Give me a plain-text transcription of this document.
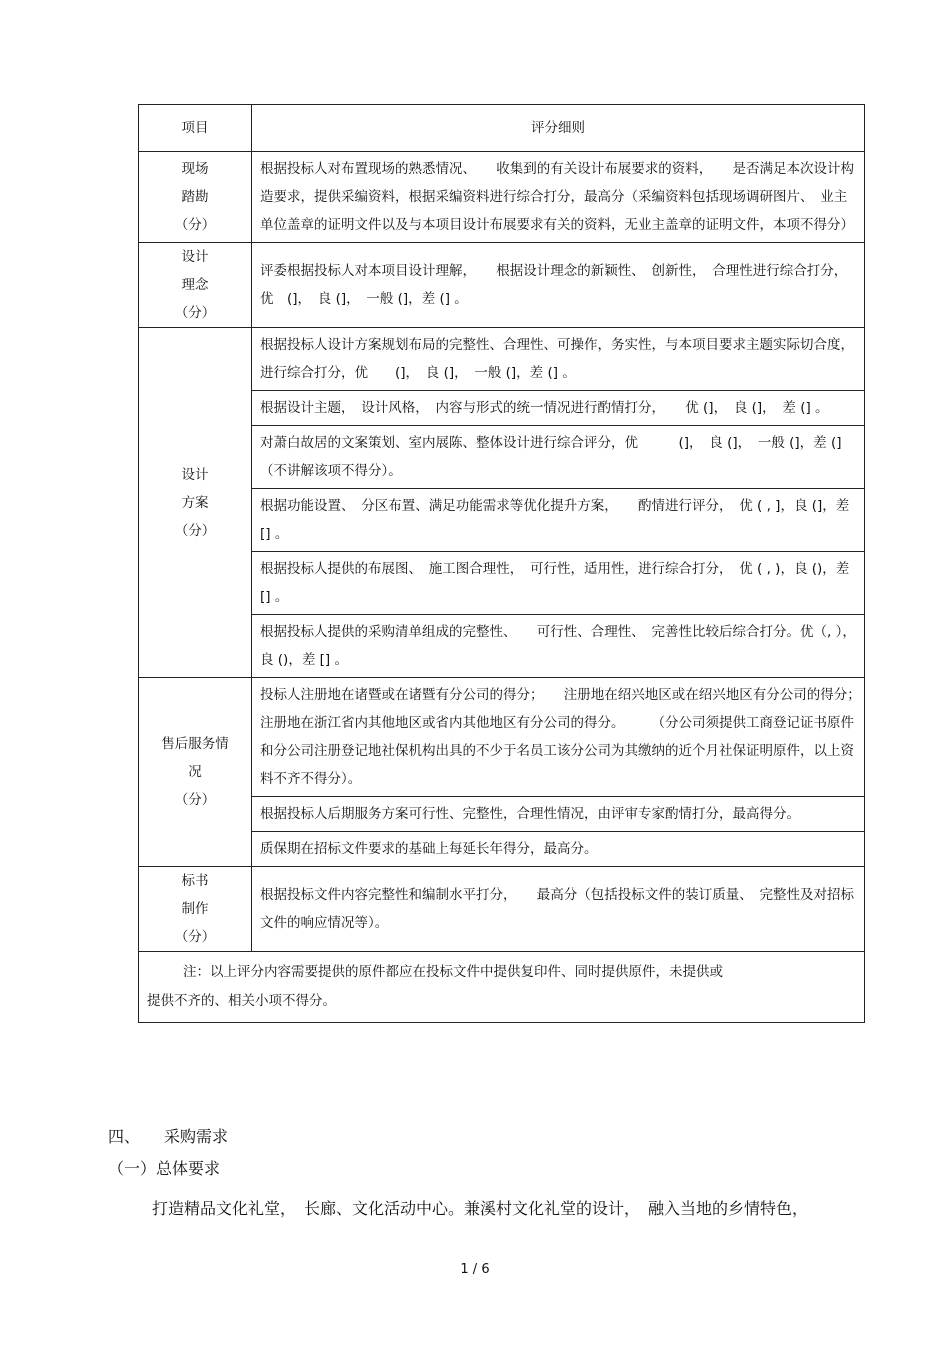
项目	评分细则

现场
踏勘
（分）	根据投标人对布置现场的熟悉情况、　　收集到的有关设计布展要求的资料，　　是否满足本次设计构造要求，提供采编资料，根据采编资料进行综合打分，最高分（采编资料包括现场调研图片、　业主单位盖章的证明文件以及与本项目设计布展要求有关的资料，无业主盖章的证明文件，本项不得分）

设计
理念
（分）	评委根据投标人对本项目设计理解，　　根据设计理念的新颖性、　创新性，　合理性进行综合打分，优　(]，　良 (]，　一般 (]，差 (] 。

设计
方案
（分）	根据投标人设计方案规划布局的完整性、合理性、可操作，务实性，与本项目要求主题实际切合度，进行综合打分，优　　(]，　良 (]，　一般 (]，差 (] 。
	根据设计主题，　设计风格，　内容与形式的统一情况进行酌情打分，　　优 (]，　良 (]，　差 (] 。
	对萧白故居的文案策划、室内展陈、整体设计进行综合评分，优　　　(]，　良 (]，　一般 (]，差 (]（不讲解该项不得分）。
	根据功能设置、　分区布置、满足功能需求等优化提升方案，　　酌情进行评分，　优 ( , ]，良 (]，差 [] 。
	根据投标人提供的布展图、　施工图合理性，　可行性，适用性，进行综合打分，　优 ( , )，良 ()，差 [] 。
	根据投标人提供的采购清单组成的完整性、　　可行性、合理性、　完善性比较后综合打分。优（, ），良 ()，差 [] 。

售后服务情
况
（分）	投标人注册地在诸暨或在诸暨有分公司的得分；　　注册地在绍兴地区或在绍兴地区有分公司的得分；　注册地在浙江省内其他地区或省内其他地区有分公司的得分。　　　（分公司须提供工商登记证书原件和分公司注册登记地社保机构出具的不少于名员工该分公司为其缴纳的近个月社保证明原件，以上资料不齐不得分）。
	根据投标人后期服务方案可行性、完整性，合理性情况，由评审专家酌情打分，最高得分。
	质保期在招标文件要求的基础上每延长年得分，最高分。

标书
制作
（分）	根据投标文件内容完整性和编制水平打分，　　最高分（包括投标文件的装订质量、　完整性及对招标文件的响应情况等）。

注：以上评分内容需要提供的原件都应在投标文件中提供复印件、同时提供原件，未提供或
提供不齐的、相关小项不得分。	
四、 采购需求
（一）总体要求
打造精品文化礼堂，　长廊、文化活动中心。兼溪村文化礼堂的设计，　融入当地的乡情特色，
1 / 6
